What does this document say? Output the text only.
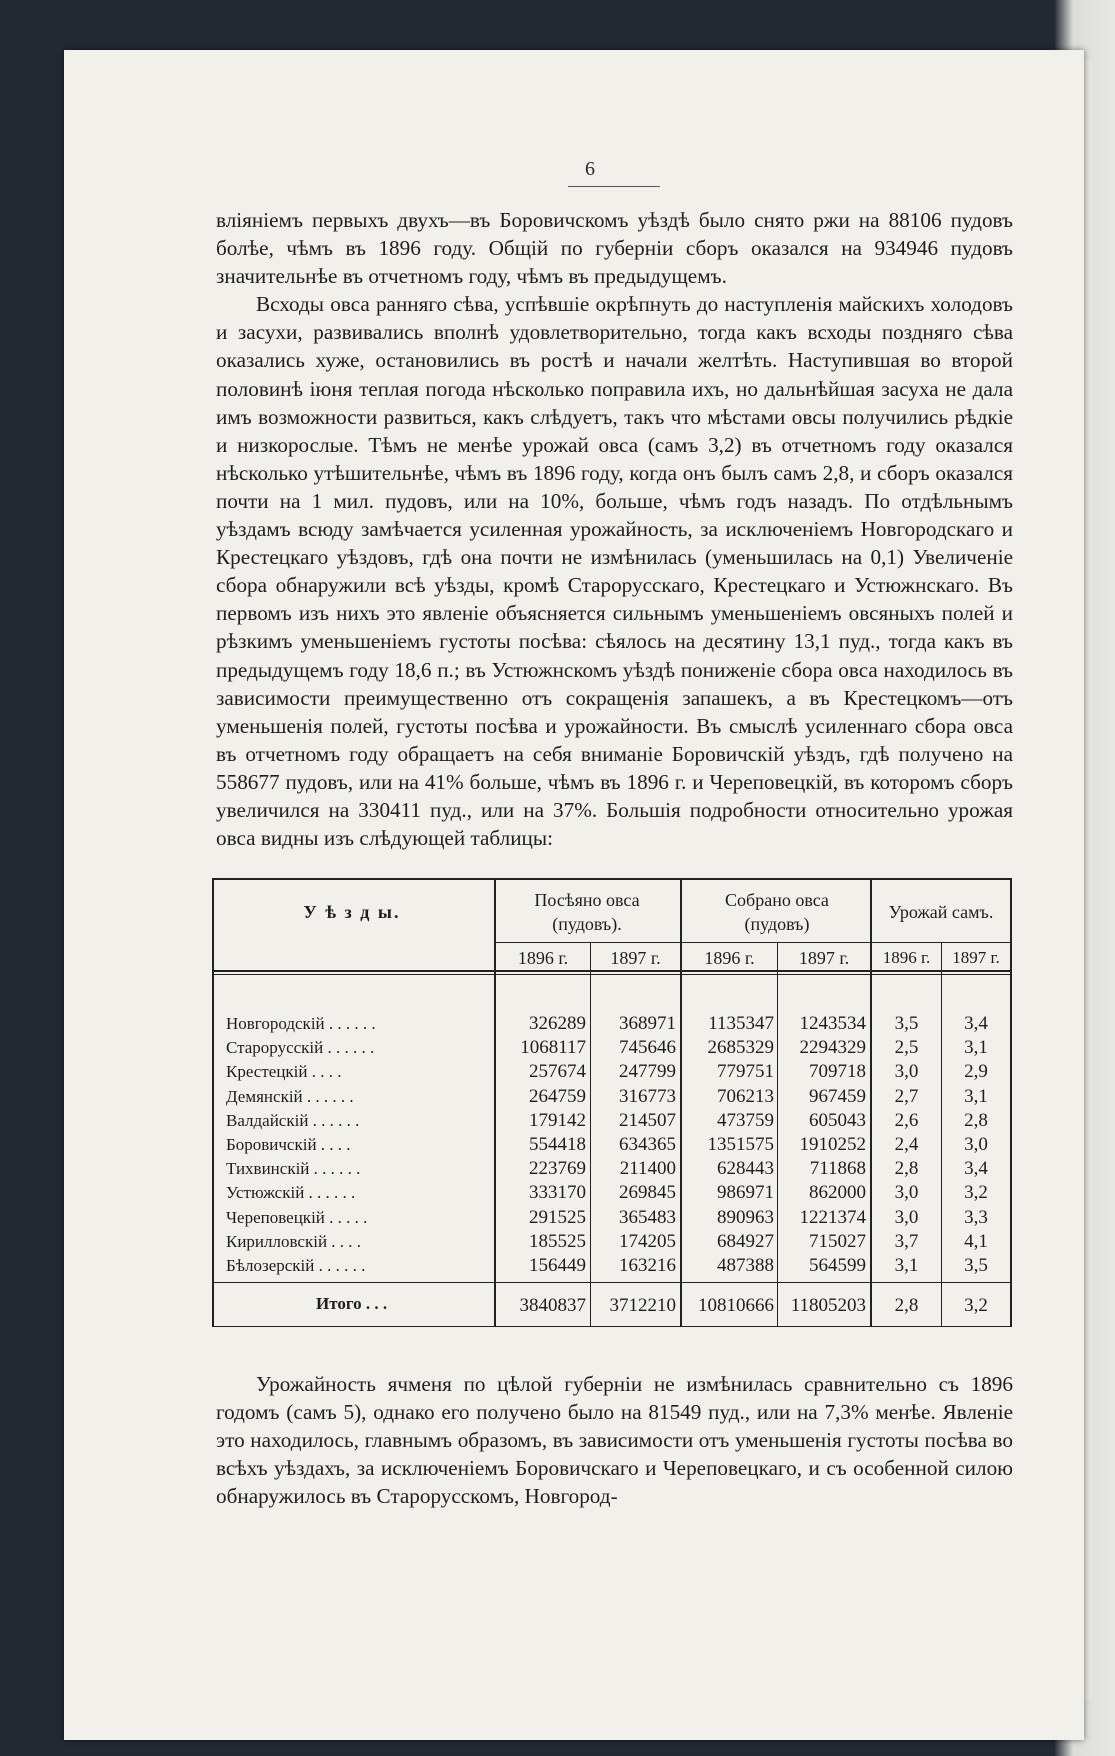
6

вліяніемъ первыхъ двухъ—въ Боровичскомъ уѣздѣ было снято ржи на 88106 пудовъ болѣе, чѣмъ въ 1896 году. Общій по губерніи сборъ оказался на 934946 пудовъ значительнѣе въ отчетномъ году, чѣмъ въ предыдущемъ.

Всходы овса ранняго сѣва, успѣвшіе окрѣпнуть до наступленія майскихъ холодовъ и засухи, развивались вполнѣ удовлетворительно, тогда какъ всходы поздняго сѣва оказались хуже, остановились въ ростѣ и начали желтѣть. Наступившая во второй половинѣ іюня теплая погода нѣсколько поправила ихъ, но дальнѣйшая засуха не дала имъ возможности развиться, какъ слѣдуетъ, такъ что мѣстами овсы получились рѣдкіе и низкорослые. Тѣмъ не менѣе урожай овса (самъ 3,2) въ отчетномъ году оказался нѣсколько утѣшительнѣе, чѣмъ въ 1896 году, когда онъ былъ самъ 2,8, и сборъ оказался почти на 1 мил. пудовъ, или на 10%, больше, чѣмъ годъ назадъ. По отдѣльнымъ уѣздамъ всюду замѣчается усиленная урожайность, за исключеніемъ Новгородскаго и Крестецкаго уѣздовъ, гдѣ она почти не измѣнилась (уменьшилась на 0,1) Увеличеніе сбора обнаружили всѣ уѣзды, кромѣ Старорусскаго, Крестецкаго и Устюжнскаго. Въ первомъ изъ нихъ это явленіе объясняется сильнымъ уменьшеніемъ овсяныхъ полей и рѣзкимъ уменьшеніемъ густоты посѣва: сѣялось на десятину 13,1 пуд., тогда какъ въ предыдущемъ году 18,6 п.; въ Устюжнскомъ уѣздѣ пониженіе сбора овса находилось въ зависимости преимущественно отъ сокращенія запашекъ, а въ Крестецкомъ—отъ уменьшенія полей, густоты посѣва и урожайности. Въ смыслѣ усиленнаго сбора овса въ отчетномъ году обращаетъ на себя вниманіе Боровичскій уѣздъ, гдѣ получено на 558677 пудовъ, или на 41% больше, чѣмъ въ 1896 г. и Череповецкій, въ которомъ сборъ увеличился на 330411 пуд., или на 37%. Большія подробности относительно урожая овса видны изъ слѣдующей таблицы:

У ѣ з д ы.
Посѣяно овса (пудовъ).
Собрано овса (пудовъ)
Урожай самъ.
1896 г.	1897 г.	1896 г.	1897 г.	1896 г.	1897 г.
Новгородскій . . . . . .	326289	368971	1135347	1243534	3,5	3,4
Старорусскій . . . . . .	1068117	745646	2685329	2294329	2,5	3,1
Крестецкій . . . .	257674	247799	779751	709718	3,0	2,9
Демянскій . . . . . .	264759	316773	706213	967459	2,7	3,1
Валдайскій . . . . . .	179142	214507	473759	605043	2,6	2,8
Боровичскій . . . .	554418	634365	1351575	1910252	2,4	3,0
Тихвинскій . . . . . .	223769	211400	628443	711868	2,8	3,4
Устюжскій . . . . . .	333170	269845	986971	862000	3,0	3,2
Череповецкій . . . . .	291525	365483	890963	1221374	3,0	3,3
Кирилловскій . . . .	185525	174205	684927	715027	3,7	4,1
Бѣлозерскій . . . . . .	156449	163216	487388	564599	3,1	3,5
Итого . . .	3840837	3712210	10810666 11805203	2,8	3,2

Урожайность ячменя по цѣлой губерніи не измѣнилась сравнительно съ 1896 годомъ (самъ 5), однако его получено было на 81549 пуд., или на 7,3% менѣе. Явленіе это находилось, главнымъ образомъ, въ зависимости отъ уменьшенія густоты посѣва во всѣхъ уѣздахъ, за исключеніемъ Боровичскаго и Череповецкаго, и съ особенной силою обнаружилось въ Старорусскомъ, Новгород-
